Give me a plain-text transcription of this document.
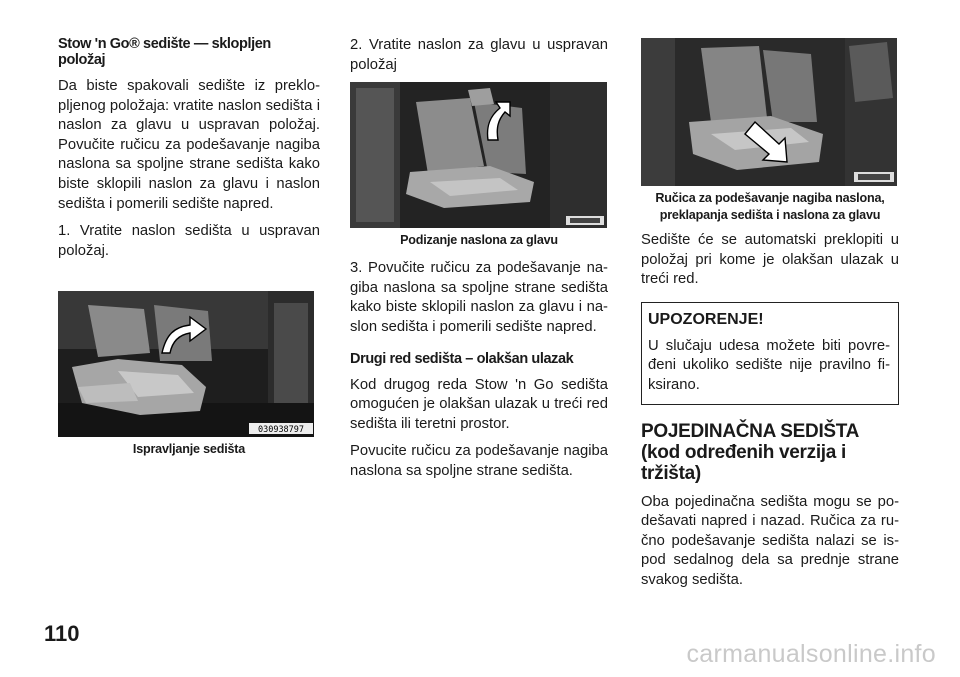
Stow 'n Go® sedište — sklopljen položaj

Da biste spakovali sedište iz preklo-pljenog položaja: vratite naslon sedišta i naslon za glavu u uspravan položaj. Povučite ručicu za podešavanje nagiba naslona sa spoljne strane sedišta kako biste sklopili naslon za glavu i naslon sedišta i pomerili sedište napred.

1. Vratite naslon sedišta u uspravan položaj.

030938797
Ispravljanje sedišta

2. Vratite naslon za glavu u uspravan položaj

Podizanje naslona za glavu

3. Povučite ručicu za podešavanje na-giba naslona sa spoljne strane sedišta kako biste sklopili naslon za glavu i na-slon sedišta i pomerili sedište napred.

Drugi red sedišta – olakšan ulazak

Kod drugog reda Stow 'n Go sedišta omogućen je olakšan ulazak u treći red sedišta ili teretni prostor.

Povucite ručicu za podešavanje nagiba naslona sa spoljne strane sedišta.

Ručica za podešavanje nagiba naslona,
preklapanja sedišta i naslona za glavu

Sedište će se automatski preklopiti u položaj pri kome je olakšan ulazak u treći red.

UPOZORENJE!

U slučaju udesa možete biti povre-đeni ukoliko sedište nije pravilno fi-ksirano.

POJEDINAČNA SEDIŠTA
(kod određenih verzija i tržišta)

Oba pojedinačna sedišta mogu se po-dešavati napred i nazad. Ručica za ru-čno podešavanje sedišta nalazi se is-pod sedalnog dela sa prednje strane svakog sedišta.

110
carmanualsonline.info
